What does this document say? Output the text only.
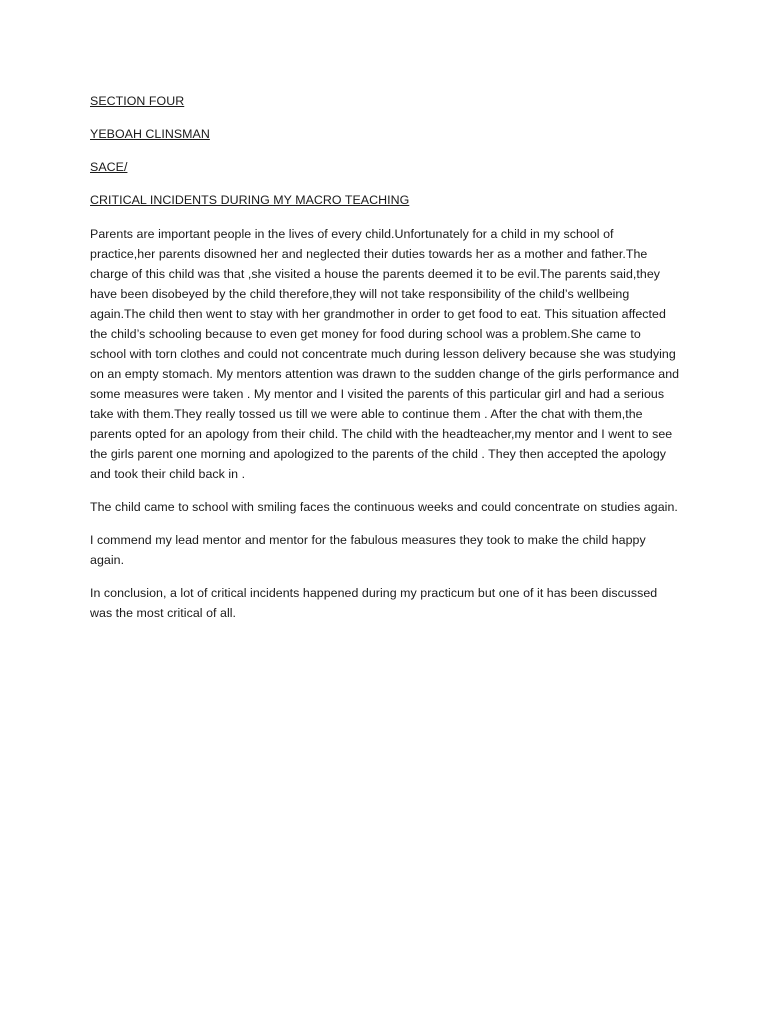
SECTION FOUR

YEBOAH CLINSMAN

SACE/

CRITICAL INCIDENTS DURING MY MACRO TEACHING

Parents are important people in the lives of every child.Unfortunately for a child in my school of practice,her parents disowned her and neglected their duties towards her as a mother and father.The charge of this child was that ,she visited a house the parents deemed it to be evil.The parents said,they have been disobeyed by the child therefore,they will not take responsibility of the child’s wellbeing again.The child then went to stay with her grandmother in order to get food to eat. This situation affected the child’s schooling because to even get money for food during school was a problem.She came to school with torn clothes and could not concentrate much during lesson delivery because she was studying on an empty stomach. My mentors attention was drawn to the sudden change of the girls performance and some measures were taken . My mentor and I visited the parents of this particular girl and had a serious take with them.They really tossed us till we were able to continue them . After the chat with them,the parents opted for an apology from their child. The child with the headteacher,my mentor and I went to see the girls parent one morning and apologized to the parents of the child . They then accepted the apology and took their child back in .

The child came to school with smiling faces the continuous weeks and could concentrate on studies again.

I commend my lead mentor and mentor for the fabulous measures they took to make the child happy again.

In conclusion, a lot of critical incidents happened during my practicum but one of it has been discussed was the most critical of all.
